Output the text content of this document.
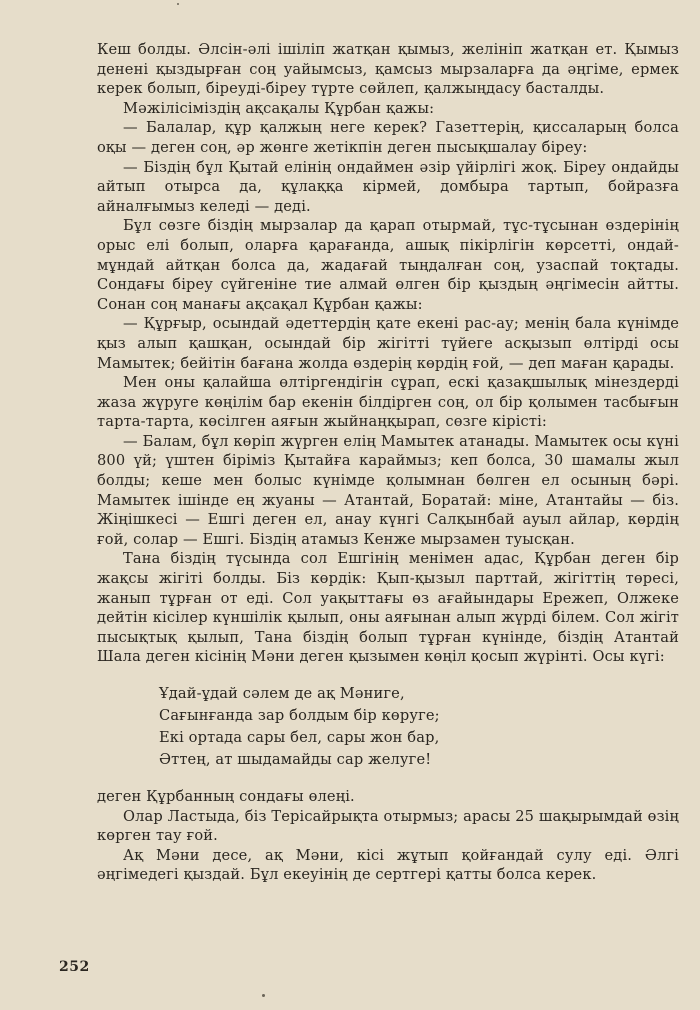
Кеш болды. Әлсін-әлі ішіліп жатқан қымыз, желініп жатқан ет. Қымыз денені қыздырған соң уайымсыз, қамсыз мырзаларға да әңгіме, ермек керек болып, біреуді-біреу түрте сөйлеп, қалжыңдасу басталды.

Мәжілісіміздің ақсақалы Құрбан қажы:

— Балалар, құр қалжың неге керек? Газеттерің, қиссаларың болса оқы — деген соң, әр жөнге жетікпін деген пысықшалау біреу:

— Біздің бұл Қытай елінің ондаймен әзір үйірлігі жоқ. Біреу ондайды айтып отырса да, құлаққа кірмей, домбыра тартып, бойразға айналғымыз келеді — деді.

Бұл сөзге біздің мырзалар да қарап отырмай, тұс-тұсынан өздерінің орыс елі болып, оларға қарағанда, ашық пікірлігін көрсетті, ондай-мұндай айтқан болса да, жадағай тыңдалған соң, узаспай тоқтады. Сондағы біреу сүйгеніне тие алмай өлген бір қыздың әңгімесін айтты. Сонан соң манағы ақсақал Құрбан қажы:

— Құрғыр, осындай әдеттердің қате екені рас-ау; менің бала күнімде қыз алып қашқан, осындай бір жігітті түйеге асқызып өлтірді осы Мамытек; бейітін бағана жолда өздерің көрдің ғой, — деп маған қарады.

Мен оны қалайша өлтіргендігін сұрап, ескі қазақшылық мінездерді жаза жүруге көңілім бар екенін білдірген соң, ол бір қолымен тасбығын тарта-тарта, көсілген аяғын жыйнаңқырап, сөзге кірісті:

— Балам, бұл көріп жүрген елің Мамытек атанады. Мамытек осы күні 800 үй; үштен біріміз Қытайға караймыз; кеп болса, 30 шамалы жыл болды; кеше мен болыс күнімде қолымнан бөлген ел осының бәрі. Мамытек ішінде ең жуаны — Атантай, Боратай: міне, Атантайы — біз. Жіңішкесі — Ешгі деген ел, анау күнгі Салқынбай ауыл айлар, көрдің ғой, солар — Ешгі. Біздің атамыз Кенже мырзамен туысқан.

Тана біздің түсында сол Ешгінің менімен адас, Құрбан деген бір жақсы жігіті болды. Біз көрдік: Қып-қызыл парттай, жігіттің төресі, жанып тұрған от еді. Сол уақыттағы өз ағайындары Ережеп, Олжеке дейтін кісілер күншілік қылып, оны аяғынан алып жүрді білем. Сол жігіт пысықтық қылып, Тана біздің болып тұрған күнінде, біздің Атантай Шала деген кісінің Мәни деген қызымен көңіл қосып жүрінті. Осы күгі:

Ұдай-ұдай сәлем де ақ Мәниге,
Сағынғанда зар болдым бір көруге;
Екі ортада сары бел, сары жон бар,
Әттең, ат шыдамайды сар желуге!

деген Құрбанның сондағы өлеңі.

Олар Ластыда, біз Терісайрықта отырмыз; арасы 25 шақырымдай өзің көрген тау ғой.

Ақ Мәни десе, ақ Мәни, кісі жұтып қойғандай сулу еді. Әлгі әңгімедегі қыздай. Бұл екеуінің де сертгері қатты болса керек.

252
